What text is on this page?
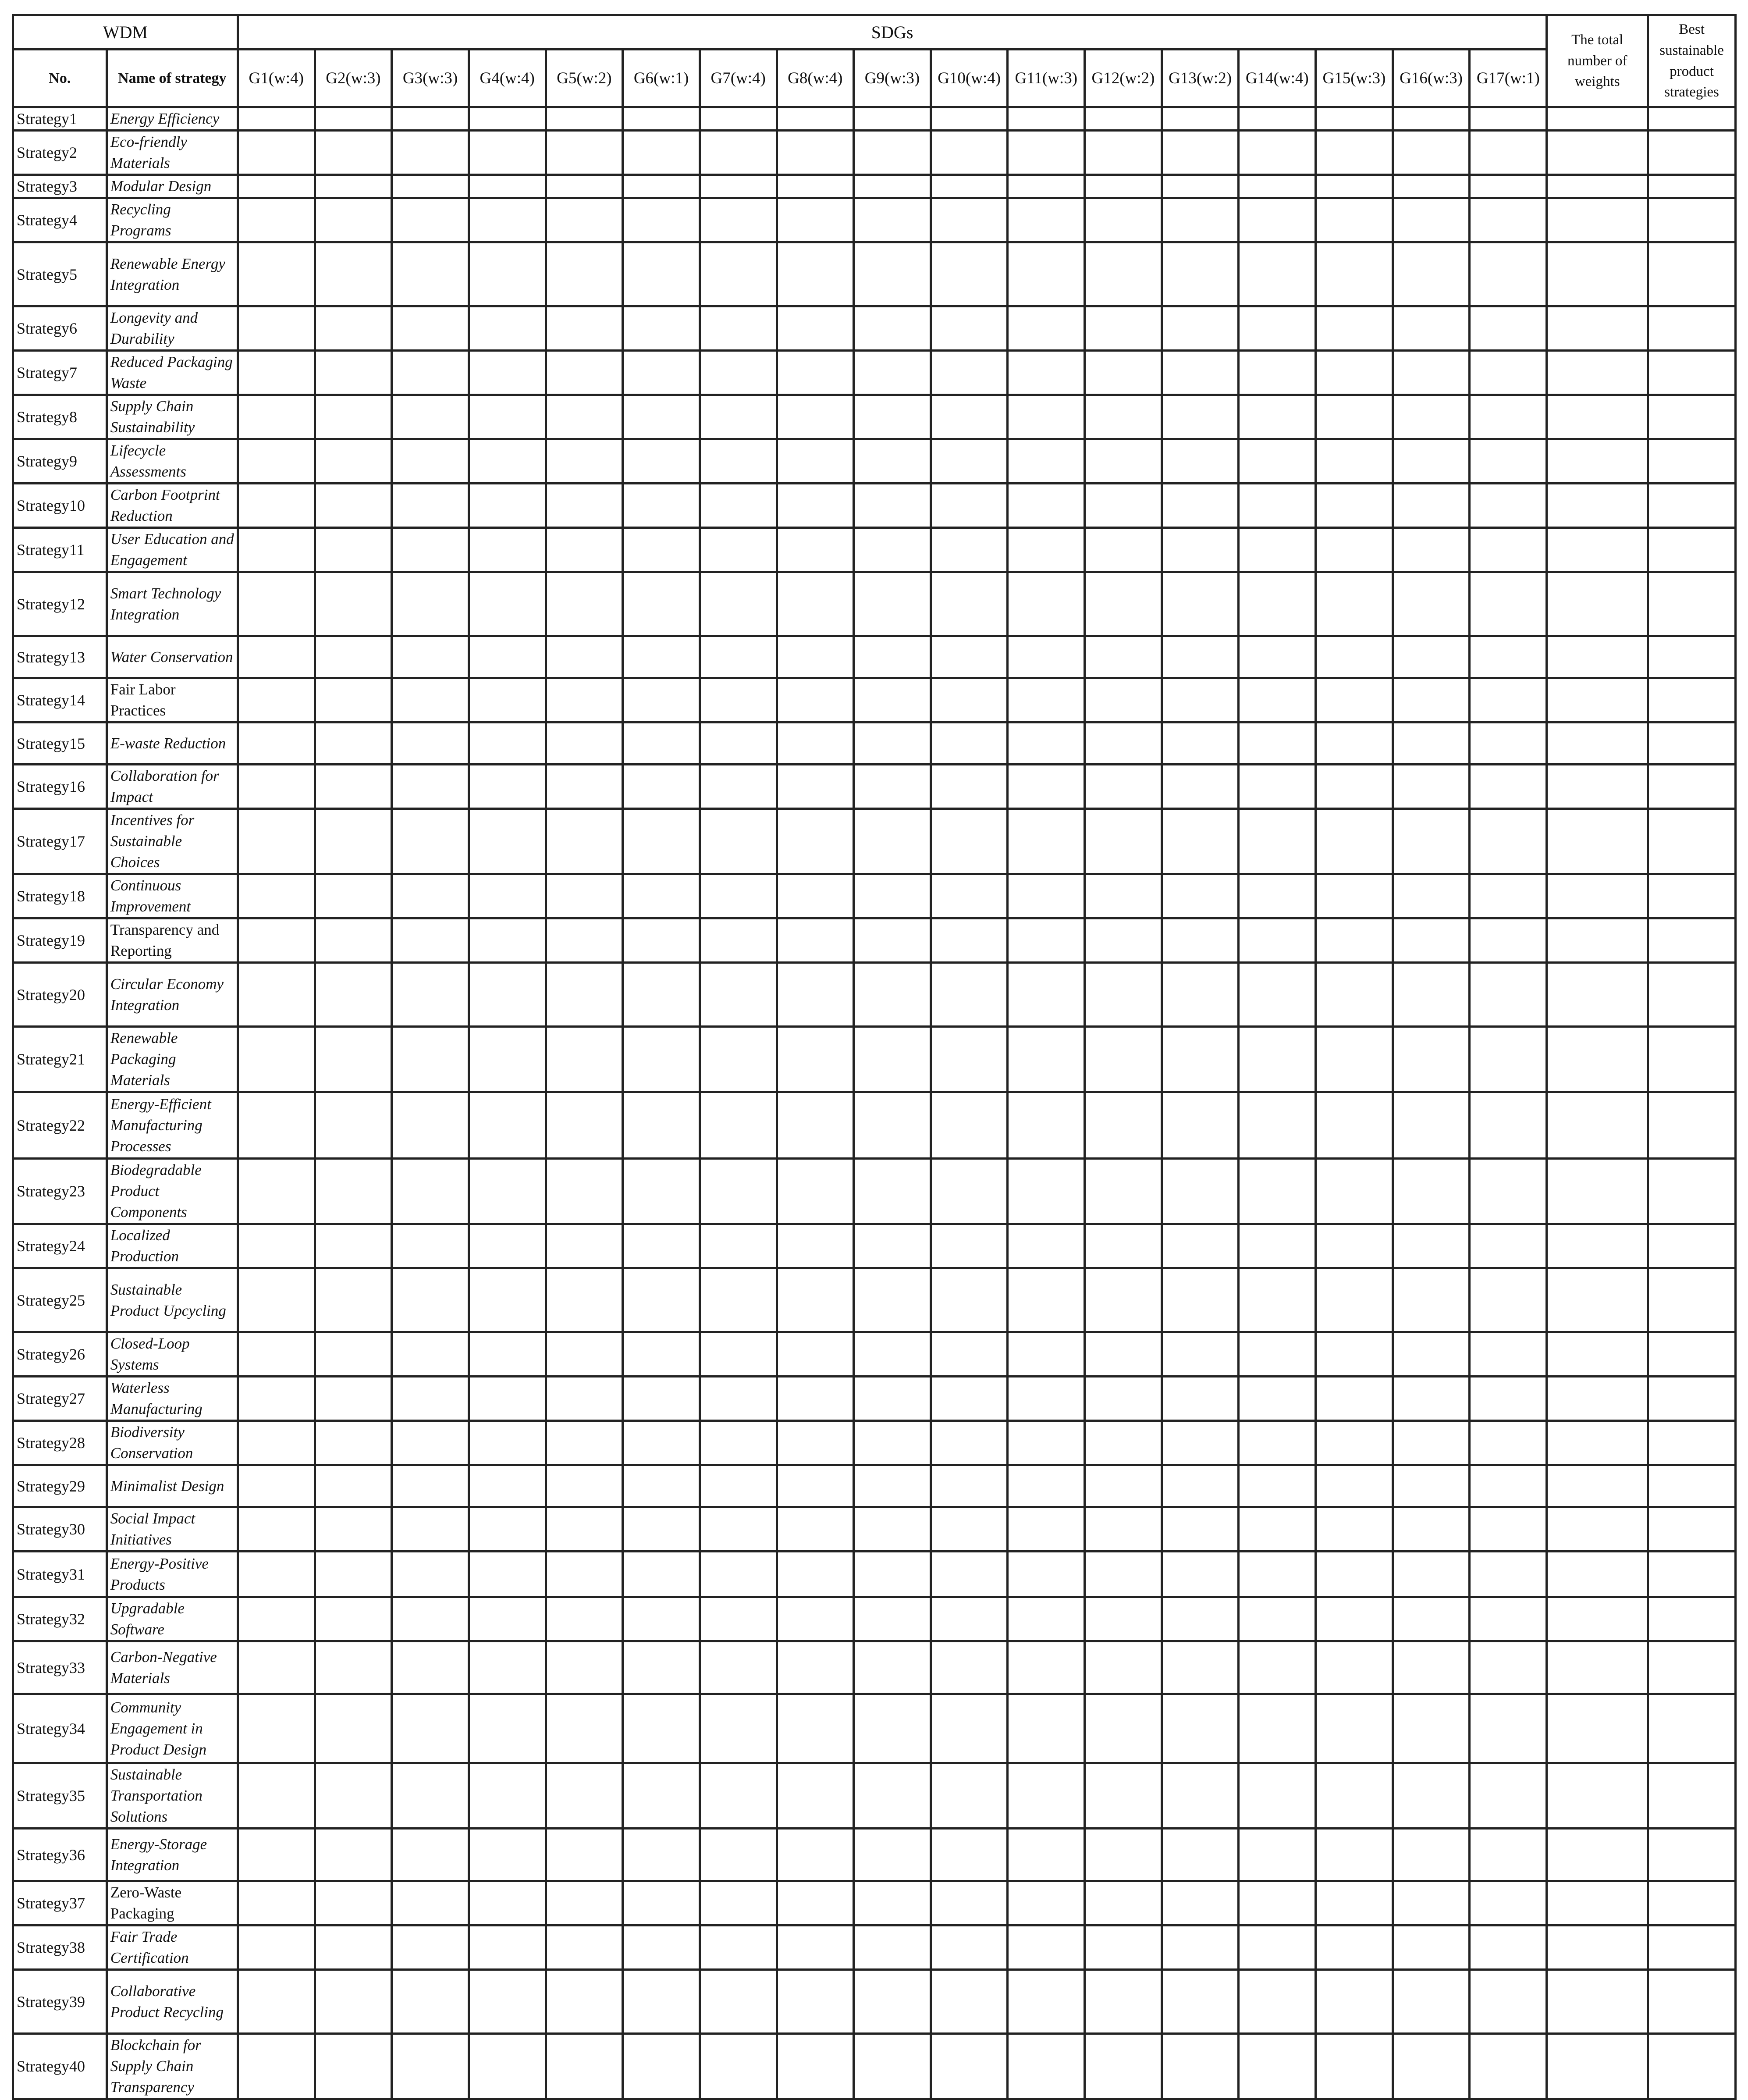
WDM		SDGs																	The total number of weights	Best sustainable product strategies
No.	Name of strategy	G1(w:4)	G2(w:3)	G3(w:3)	G4(w:4)	G5(w:2)	G6(w:1)	G7(w:4)	G8(w:4)	G9(w:3)	G10(w:4)	G11(w:3)	G12(w:2)	G13(w:2)	G14(w:4)	G15(w:3)	G16(w:3)	G17(w:1)		
Strategy1	Energy Efficiency																			
Strategy2	Eco-friendly Materials																			
Strategy3	Modular Design																			
Strategy4	Recycling Programs																			
Strategy5	Renewable Energy Integration																			
Strategy6	Longevity and Durability																			
Strategy7	Reduced Packaging Waste																			
Strategy8	Supply Chain Sustainability																			
Strategy9	Lifecycle Assessments																			
Strategy10	Carbon Footprint Reduction																			
Strategy11	User Education and Engagement																			
Strategy12	Smart Technology Integration																			
Strategy13	Water Conservation																			
Strategy14	Fair Labor Practices																			
Strategy15	E-waste Reduction																			
Strategy16	Collaboration for Impact																			
Strategy17	Incentives for Sustainable Choices																			
Strategy18	Continuous Improvement																			
Strategy19	Transparency and Reporting																			
Strategy20	Circular Economy Integration																			
Strategy21	Renewable Packaging Materials																			
Strategy22	Energy-Efficient Manufacturing Processes																			
Strategy23	Biodegradable Product Components																			
Strategy24	Localized Production																			
Strategy25	Sustainable Product Upcycling																			
Strategy26	Closed-Loop Systems																			
Strategy27	Waterless Manufacturing																			
Strategy28	Biodiversity Conservation																			
Strategy29	Minimalist Design																			
Strategy30	Social Impact Initiatives																			
Strategy31	Energy-Positive Products																			
Strategy32	Upgradable Software																			
Strategy33	Carbon-Negative Materials																			
Strategy34	Community Engagement in Product Design																			
Strategy35	Sustainable Transportation Solutions																			
Strategy36	Energy-Storage Integration																			
Strategy37	Zero-Waste Packaging																			
Strategy38	Fair Trade Certification																			
Strategy39	Collaborative Product Recycling																			
Strategy40	Blockchain for Supply Chain Transparency																			
